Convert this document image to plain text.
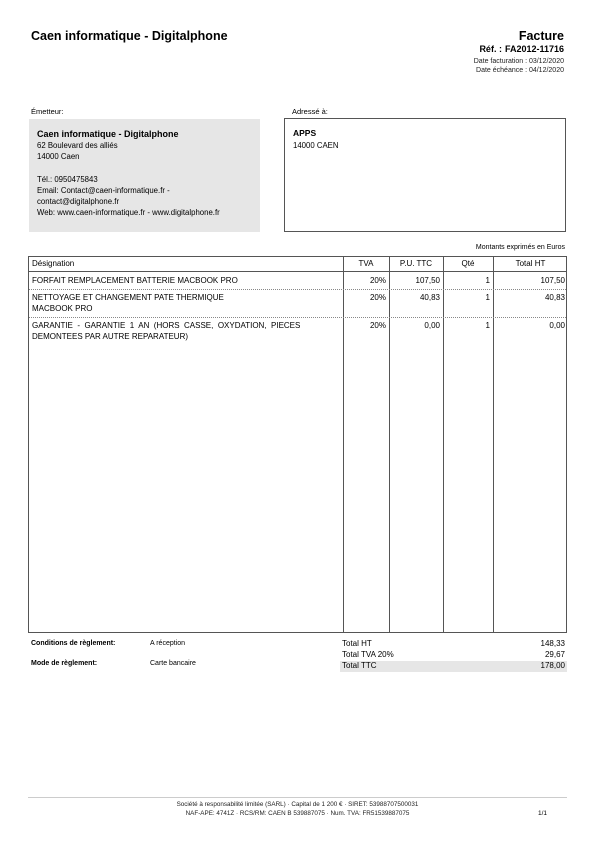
Caen informatique - Digitalphone	Facture
Réf. : FA2012-11716
Date facturation : 03/12/2020
Date échéance : 04/12/2020
Émetteur:
Caen informatique - Digitalphone
62 Boulevard des alliés
14000 Caen
Tél.: 0950475843
Email: Contact@caen-informatique.fr -
contact@digitalphone.fr
Web: www.caen-informatique.fr - www.digitalphone.fr
Adressé à:
APPS
14000 CAEN
Montants exprimés en Euros
Désignation	TVA	P.U. TTC	Qté	Total HT
FORFAIT REMPLACEMENT BATTERIE MACBOOK PRO	20%	107,50	1	107,50
NETTOYAGE ET CHANGEMENT PATE THERMIQUE
MACBOOK PRO
20%	40,83	1	40,83
GARANTIE  -  GARANTIE  1  AN  (HORS  CASSE,  OXYDATION,  PIECES
DEMONTEES PAR AUTRE REPARATEUR)
20%	0,00	1	0,00
Conditions de règlement:	A réception
Mode de règlement:	Carte bancaire
Total HT	148,33
Total TVA 20%	29,67
Total TTC	178,00
Société à responsabilité limitée (SARL) · Capital de 1 200 € · SIRET: 53988707500031
NAF-APE: 4741Z · RCS/RM: CAEN B 539887075 · Num. TVA: FR51539887075	1/1
